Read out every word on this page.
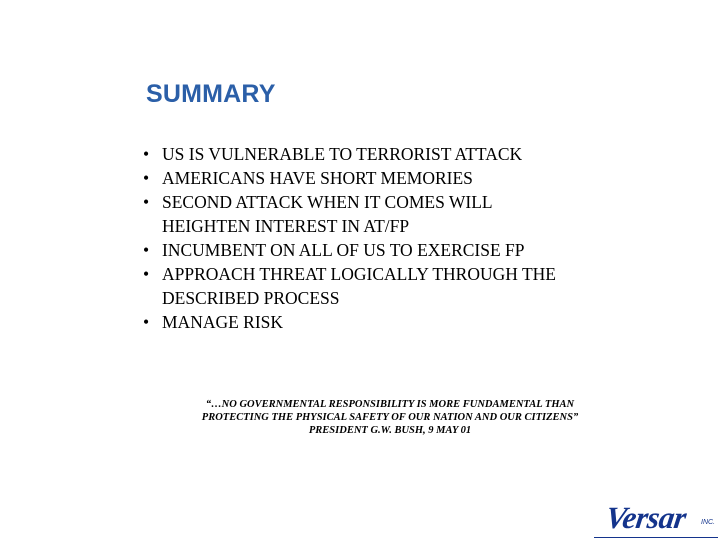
SUMMARY
• US IS VULNERABLE TO TERRORIST ATTACK
• AMERICANS HAVE SHORT MEMORIES
• SECOND ATTACK WHEN IT COMES WILL
HEIGHTEN INTEREST IN AT/FP
• INCUMBENT ON ALL OF US TO EXERCISE FP
• APPROACH THREAT LOGICALLY THROUGH THE
DESCRIBED PROCESS
• MANAGE RISK
“…NO GOVERNMENTAL RESPONSIBILITY IS MORE FUNDAMENTAL THAN
PROTECTING THE PHYSICAL SAFETY OF OUR NATION AND OUR CITIZENS”
PRESIDENT G.W. BUSH, 9 MAY 01
Versar INC.
